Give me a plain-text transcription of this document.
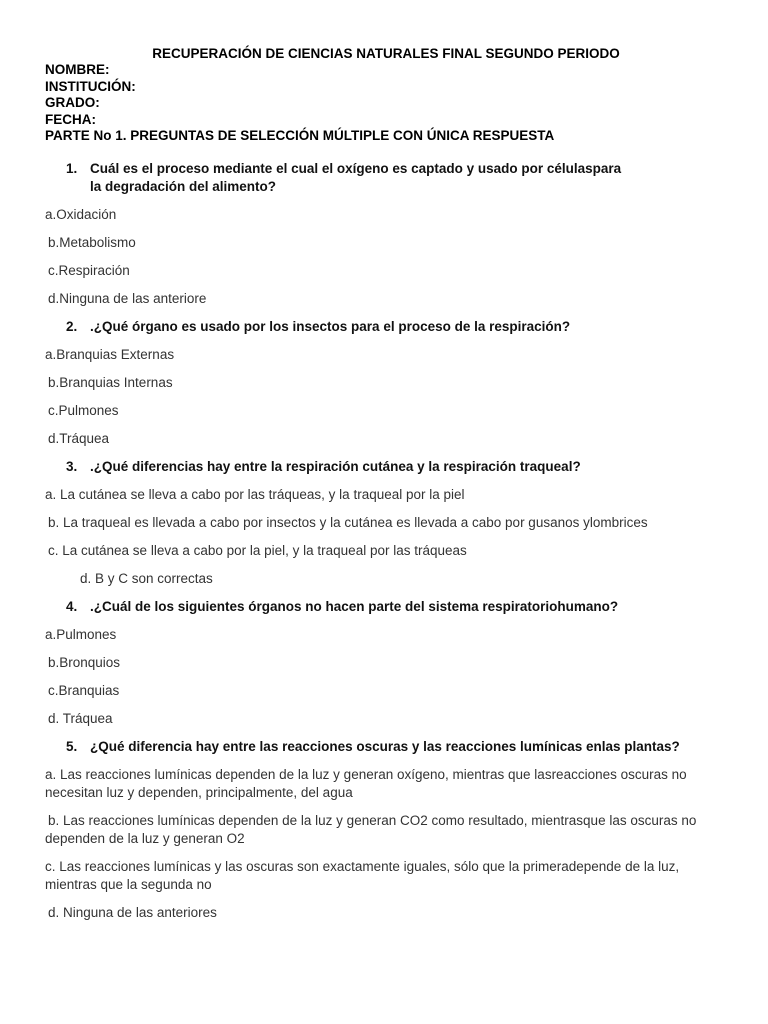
RECUPERACIÓN DE CIENCIAS NATURALES FINAL SEGUNDO PERIODO
NOMBRE:
INSTITUCIÓN:
GRADO:
FECHA:
PARTE No 1. PREGUNTAS DE SELECCIÓN MÚLTIPLE CON ÚNICA RESPUESTA
1. Cuál es el proceso mediante el cual el oxígeno es captado y usado por célulaspara
la degradación del alimento?
a.Oxidación
b.Metabolismo
c.Respiración
d.Ninguna de las anteriore
2. .¿Qué órgano es usado por los insectos para el proceso de la respiración?
a.Branquias Externas
b.Branquias Internas
c.Pulmones
d.Tráquea
3. .¿Qué diferencias hay entre la respiración cutánea y la respiración traqueal?
a. La cutánea se lleva a cabo por las tráqueas, y la traqueal por la piel
b. La traqueal es llevada a cabo por insectos y la cutánea es llevada a cabo por gusanos ylombrices
c. La cutánea se lleva a cabo por la piel, y la traqueal por las tráqueas
d. B y C son correctas
4. .¿Cuál de los siguientes órganos no hacen parte del sistema respiratoriohumano?
a.Pulmones
b.Bronquios
c.Branquias
d. Tráquea
5. ¿Qué diferencia hay entre las reacciones oscuras y las reacciones lumínicas enlas plantas?
a. Las reacciones lumínicas dependen de la luz y generan oxígeno, mientras que lasreacciones oscuras no necesitan luz y dependen, principalmente, del agua
b. Las reacciones lumínicas dependen de la luz y generan CO2 como resultado, mientrasque las oscuras no dependen de la luz y generan O2
c. Las reacciones lumínicas y las oscuras son exactamente iguales, sólo que la primeradepende de la luz, mientras que la segunda no
d. Ninguna de las anteriores
